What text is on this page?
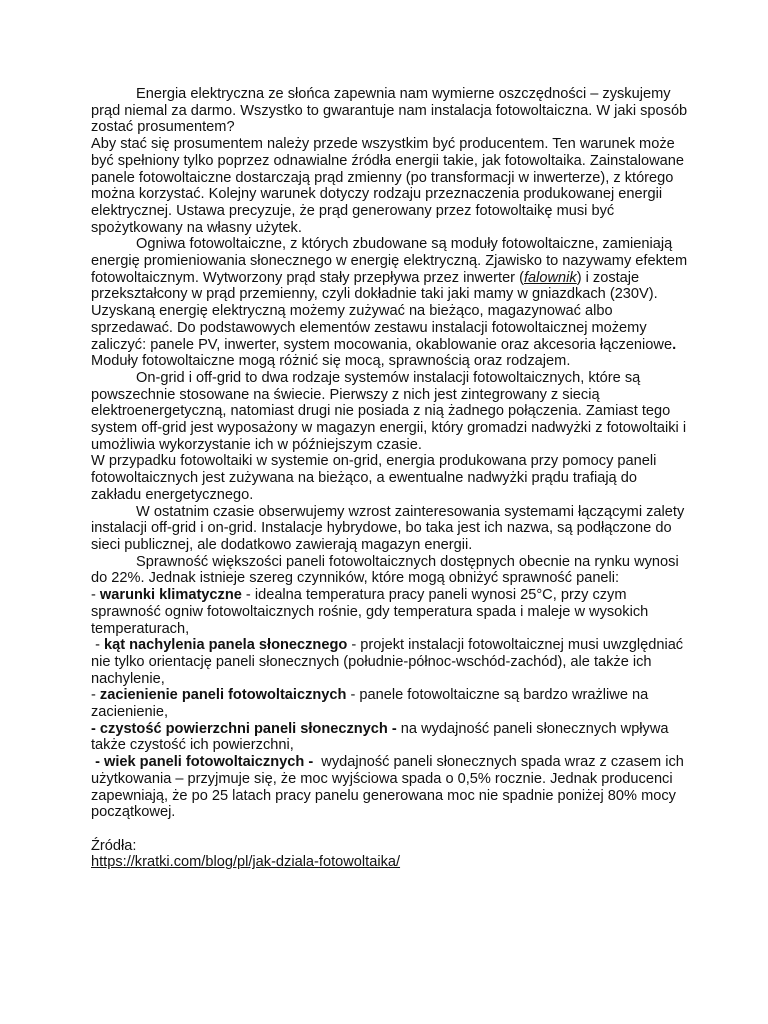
Energia elektryczna ze słońca zapewnia nam wymierne oszczędności – zyskujemy prąd niemal za darmo. Wszystko to gwarantuje nam instalacja fotowoltaiczna. W jaki sposób zostać prosumentem?

Aby stać się prosumentem należy przede wszystkim być producentem. Ten warunek może być spełniony tylko poprzez odnawialne źródła energii takie, jak fotowoltaika. Zainstalowane panele fotowoltaiczne dostarczają prąd zmienny (po transformacji w inwerterze), z którego można korzystać. Kolejny warunek dotyczy rodzaju przeznaczenia produkowanej energii elektrycznej. Ustawa precyzuje, że prąd generowany przez fotowoltaikę musi być spożytkowany na własny użytek.

Ogniwa fotowoltaiczne, z których zbudowane są moduły fotowoltaiczne, zamieniają energię promieniowania słonecznego w energię elektryczną. Zjawisko to nazywamy efektem fotowoltaicznym. Wytworzony prąd stały przepływa przez inwerter (falownik) i zostaje przekształcony w prąd przemienny, czyli dokładnie taki jaki mamy w gniazdkach (230V). Uzyskaną energię elektryczną możemy zużywać na bieżąco, magazynować albo sprzedawać. Do podstawowych elementów zestawu instalacji fotowoltaicznej możemy zaliczyć: panele PV, inwerter, system mocowania, okablowanie oraz akcesoria łączeniowe.

Moduły fotowoltaiczne mogą różnić się mocą, sprawnością oraz rodzajem.

On-grid i off-grid to dwa rodzaje systemów instalacji fotowoltaicznych, które są powszechnie stosowane na świecie. Pierwszy z nich jest zintegrowany z siecią elektroenergetyczną, natomiast drugi nie posiada z nią żadnego połączenia. Zamiast tego system off-grid jest wyposażony w magazyn energii, który gromadzi nadwyżki z fotowoltaiki i umożliwia wykorzystanie ich w późniejszym czasie.

W przypadku fotowoltaiki w systemie on-grid, energia produkowana przy pomocy paneli fotowoltaicznych jest zużywana na bieżąco, a ewentualne nadwyżki prądu trafiają do zakładu energetycznego.

W ostatnim czasie obserwujemy wzrost zainteresowania systemami łączącymi zalety instalacji off-grid i on-grid. Instalacje hybrydowe, bo taka jest ich nazwa, są podłączone do sieci publicznej, ale dodatkowo zawierają magazyn energii.

Sprawność większości paneli fotowoltaicznych dostępnych obecnie na rynku wynosi do 22%. Jednak istnieje szereg czynników, które mogą obniżyć sprawność paneli:

- warunki klimatyczne - idealna temperatura pracy paneli wynosi 25°C, przy czym sprawność ogniw fotowoltaicznych rośnie, gdy temperatura spada i maleje w wysokich temperaturach,

- kąt nachylenia panela słonecznego - projekt instalacji fotowoltaicznej musi uwzględniać nie tylko orientację paneli słonecznych (południe-północ-wschód-zachód), ale także ich nachylenie,

- zacienienie paneli fotowoltaicznych - panele fotowoltaiczne są bardzo wrażliwe na zacienienie,

- czystość powierzchni paneli słonecznych - na wydajność paneli słonecznych wpływa także czystość ich powierzchni,

- wiek paneli fotowoltaicznych -  wydajność paneli słonecznych spada wraz z czasem ich użytkowania – przyjmuje się, że moc wyjściowa spada o 0,5% rocznie. Jednak producenci zapewniają, że po 25 latach pracy panelu generowana moc nie spadnie poniżej 80% mocy początkowej.

Źródła:

https://kratki.com/blog/pl/jak-dziala-fotowoltaika/
